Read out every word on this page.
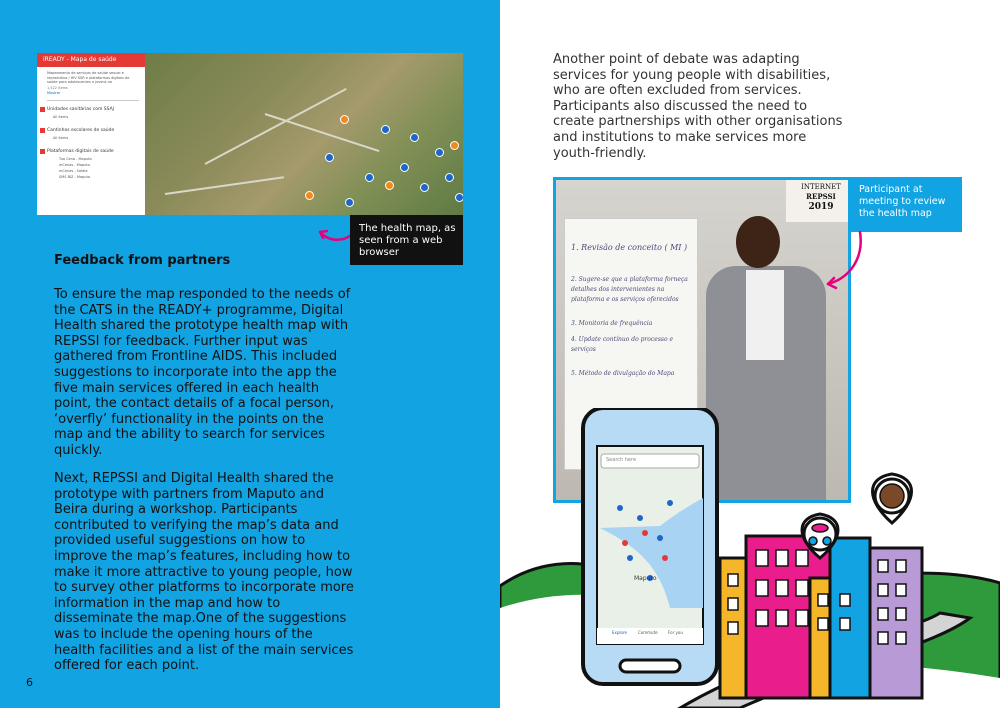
iREADY - Mapa de saúde
Mapeamento de serviços de saúde sexual e reprodutiva / HIV SSR e plataformas digitais de saúde para adolescentes e jovens na
1,522 items
Mostrar
Unidades sanitárias com SSAJ
All items
Cantinhos escolares de saúde
All items
Plataformas digitais de saúde
Tua Cena - Maputo
mCenas - Maputo
mCenas - Sofala
SMS BIZ - Maputo
The health map, as seen from a web browser
Feedback from partners

To ensure the map responded to the needs of the CATS in the READY+ programme, Digital Health shared the prototype health map with REPSSI for feedback. Further input was gathered from Frontline AIDS. This included suggestions to incorporate into the app the five main services offered in each health point, the contact details of a focal person, ‘overfly’ functionality in the points on the map and the ability to search for services quickly.

Next, REPSSI and Digital Health shared the prototype with partners from Maputo and Beira during a workshop. Participants contributed to verifying the map’s data and provided useful suggestions on how to improve the map’s features, including how to make it more attractive to young people, how to survey other platforms to incorporate more information in the map and how to disseminate the map.One of the suggestions was to include the opening hours of the health facilities and a list of the main services offered for each point.

6

Another point of debate was adapting services for young people with disabilities, who are often excluded from services. Participants also discussed the need to create partnerships with other organisations and institutions to make services more youth-friendly.

INTERNET
REPSSI
2019
1. Revisão de conceito ( MI )
2. Sugere-se que a plataforma forneça detalhes dos intervenientes na plataforma e os serviços oferecidos
3. Monitoria de frequência
4. Update contínuo do processo e serviços
5. Método de divulgação do Mapa
Participant at meeting to review the health map
Search here
Maputo
Explore	Commute	For you
